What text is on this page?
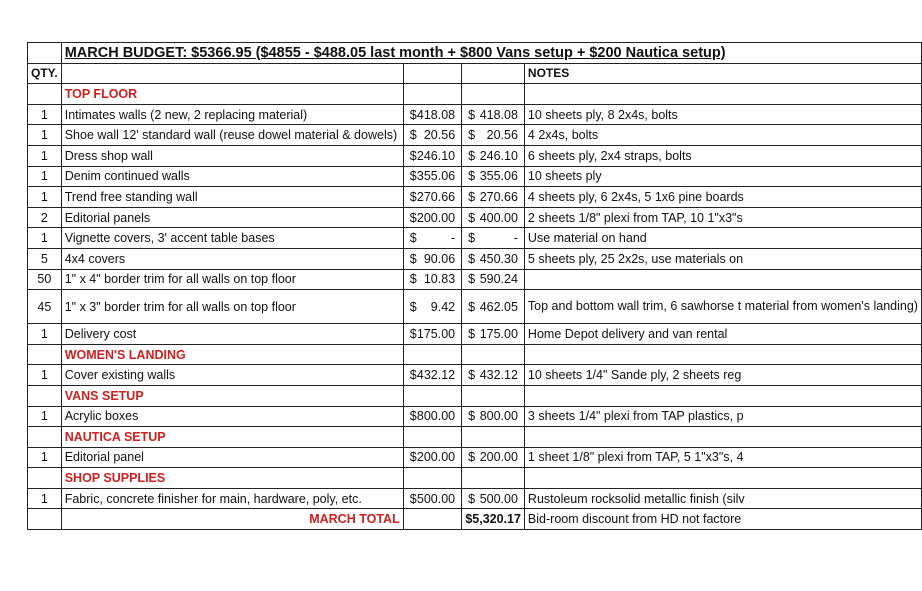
	MARCH BUDGET: $5366.95 ($4855 - $488.05 last month + $800 Vans setup + $200 Nautica setup)			
QTY.				NOTES
	TOP FLOOR			
1	Intimates walls (2 new, 2 replacing material)	$ 418.08	$ 418.08	10 sheets ply, 8 2x4s, bolts
1	Shoe wall 12' standard wall (reuse dowel material & dowels)	$ 20.56	$ 20.56	4 2x4s, bolts
1	Dress shop wall	$ 246.10	$ 246.10	6 sheets ply, 2x4 straps, bolts
1	Denim continued walls	$ 355.06	$ 355.06	10 sheets ply
1	Trend free standing wall	$ 270.66	$ 270.66	4 sheets ply, 6 2x4s, 5 1x6 pine boards
2	Editorial panels	$ 200.00	$ 400.00	2 sheets 1/8" plexi from TAP, 10 1"x3"s
1	Vignette covers, 3' accent table bases	$ -	$ -	Use material on hand
5	4x4 covers	$ 90.06	$ 450.30	5 sheets ply, 25 2x2s, use materials on
50	1" x 4" border trim for all walls on top floor	$ 10.83	$ 590.24	

45	1" x 3" border trim for all walls on top floor	$ 9.42	$ 462.05	Top and bottom wall trim, 6 sawhorse t material from women's landing)
1	Delivery cost	$ 175.00	$ 175.00	Home Depot delivery and van rental
	WOMEN'S LANDING			
1	Cover existing walls	$ 432.12	$ 432.12	10 sheets 1/4" Sande ply, 2 sheets reg
	VANS SETUP			
1	Acrylic boxes	$ 800.00	$ 800.00	3 sheets 1/4" plexi from TAP plastics, p
	NAUTICA SETUP			
1	Editorial panel	$ 200.00	$ 200.00	1 sheet 1/8" plexi from TAP, 5 1"x3"s, 4
	SHOP SUPPLIES			
1	Fabric, concrete finisher for main, hardware, poly, etc.	$ 500.00	$ 500.00	Rustoleum rocksolid metallic finish (silv
	MARCH TOTAL		$5,320.17	Bid-room discount from HD not factore
